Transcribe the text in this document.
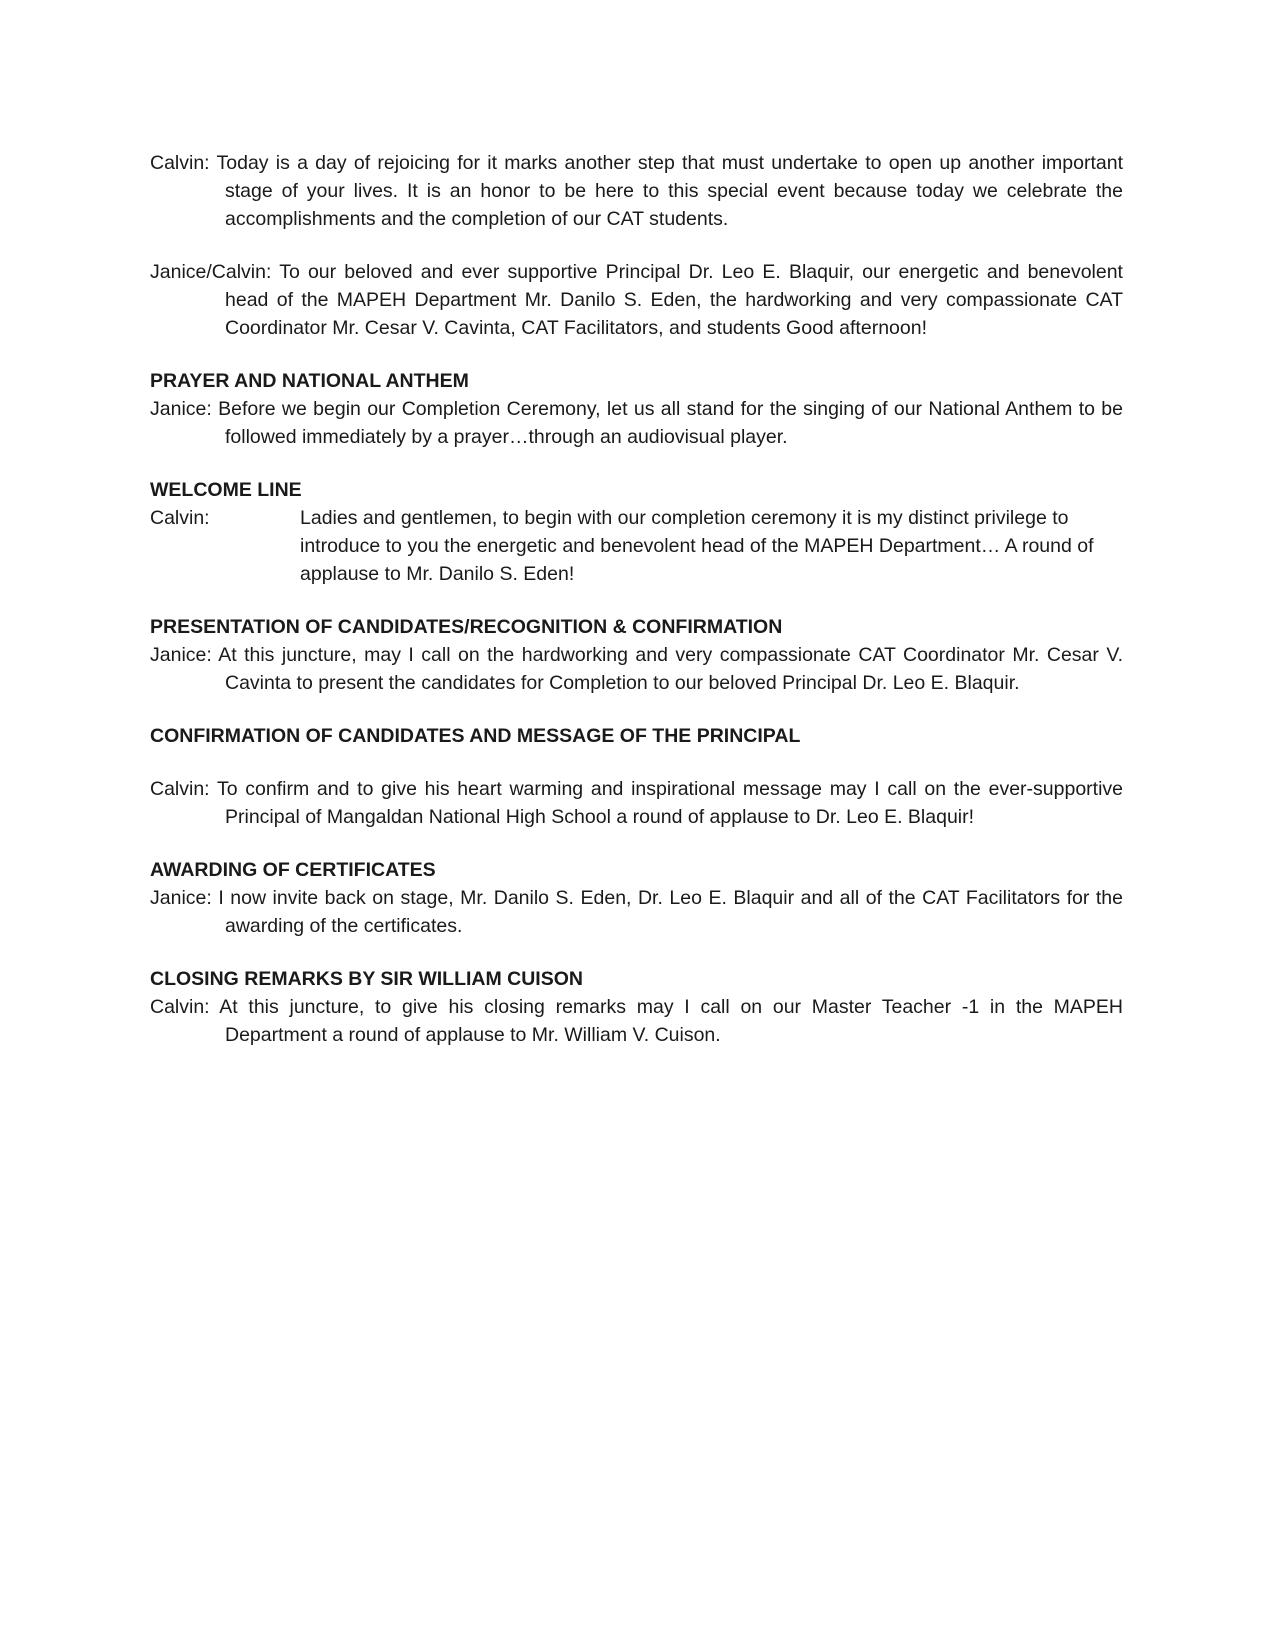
Calvin: Today is a day of rejoicing for it marks another step that must undertake to open up another important stage of your lives. It is an honor to be here to this special event because today we celebrate the accomplishments and the completion of our CAT students.
Janice/Calvin: To our beloved and ever supportive Principal Dr. Leo E. Blaquir, our energetic and benevolent head of the MAPEH Department Mr. Danilo S. Eden, the hardworking and very compassionate CAT Coordinator Mr. Cesar V. Cavinta, CAT Facilitators, and students Good afternoon!
PRAYER AND NATIONAL ANTHEM
Janice: Before we begin our Completion Ceremony, let us all stand for the singing of our National Anthem to be followed immediately by a prayer…through an audiovisual player.
WELCOME LINE
Calvin:	Ladies and gentlemen, to begin with our completion ceremony it is my distinct privilege to introduce to you the energetic and benevolent head of the MAPEH Department… A round of applause to Mr. Danilo S. Eden!
PRESENTATION OF CANDIDATES/RECOGNITION & CONFIRMATION
Janice: At this juncture, may I call on the hardworking and very compassionate CAT Coordinator Mr. Cesar V. Cavinta to present the candidates for Completion to our beloved Principal Dr. Leo E. Blaquir.
CONFIRMATION OF CANDIDATES AND MESSAGE OF THE PRINCIPAL
Calvin: To confirm and to give his heart warming and inspirational message may I call on the ever-supportive Principal of Mangaldan National High School a round of applause to Dr. Leo E. Blaquir!
AWARDING OF CERTIFICATES
Janice: I now invite back on stage, Mr. Danilo S. Eden, Dr. Leo E. Blaquir and all of the CAT Facilitators for the awarding of the certificates.
CLOSING REMARKS BY SIR WILLIAM CUISON
Calvin: At this juncture, to give his closing remarks may I call on our Master Teacher -1 in the MAPEH Department a round of applause to Mr. William V. Cuison.
